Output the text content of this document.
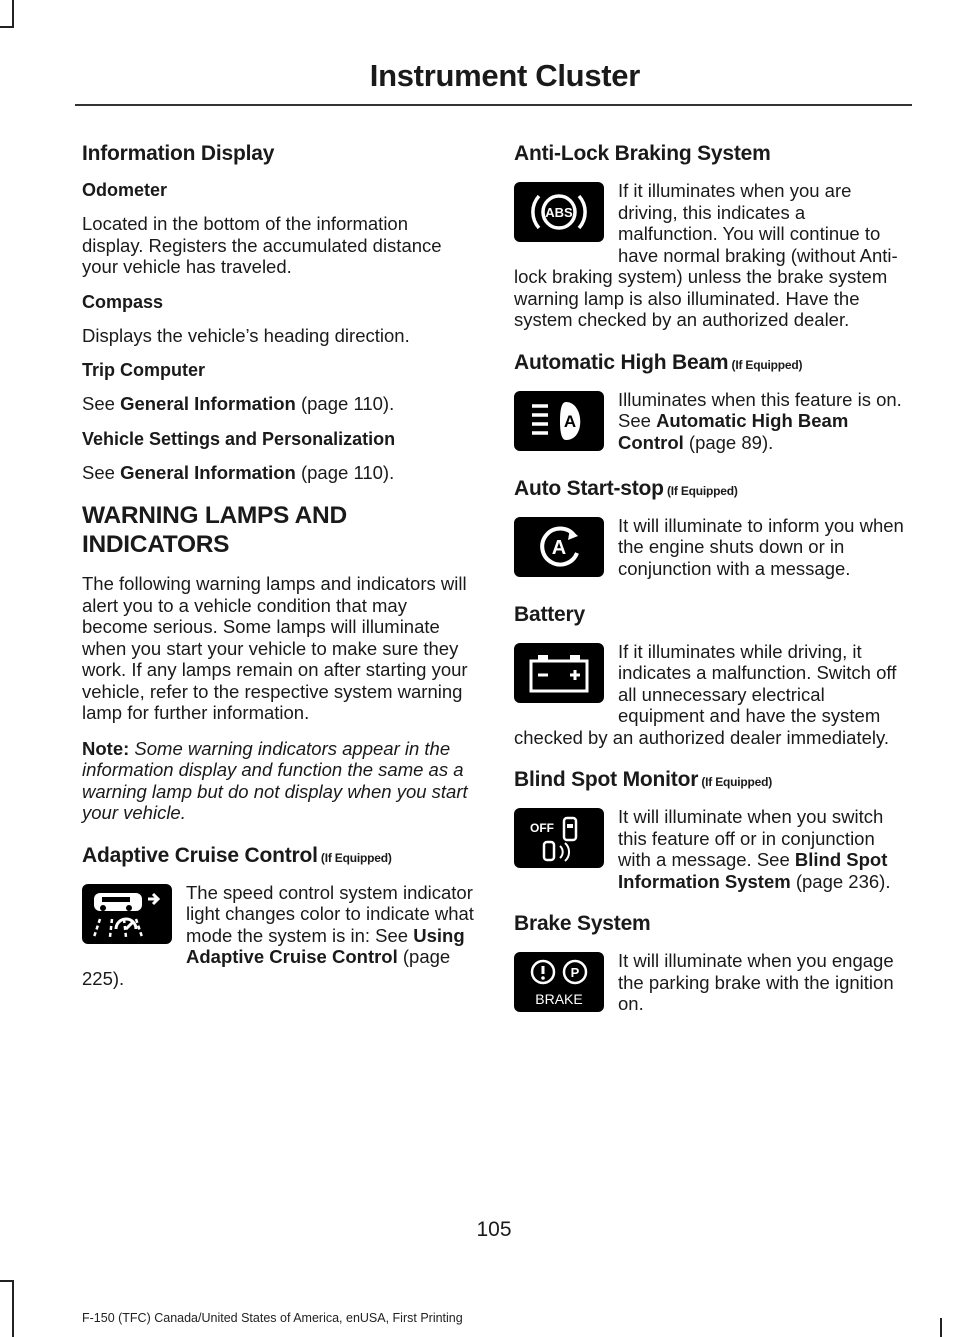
Instrument Cluster
Information Display
Odometer

Located in the bottom of the information display. Registers the accumulated distance your vehicle has traveled.

Compass

Displays the vehicle’s heading direction.

Trip Computer

See General Information (page 110).

Vehicle Settings and Personalization

See General Information (page 110).

WARNING LAMPS AND
INDICATORS

The following warning lamps and indicators will alert you to a vehicle condition that may become serious. Some lamps will illuminate when you start your vehicle to make sure they work. If any lamps remain on after starting your vehicle, refer to the respective system warning lamp for further information.

Note: Some warning indicators appear in the information display and function the same as a warning lamp but do not display when you start your vehicle.

Adaptive Cruise Control (If Equipped)

The speed control system indicator light changes color to indicate what mode the system is in: See Using Adaptive Cruise Control (page 225).

Anti-Lock Braking System
ABS

If it illuminates when you are driving, this indicates a malfunction. You will continue to have normal braking (without Anti-lock braking system) unless the brake system warning lamp is also illuminated. Have the system checked by an authorized dealer.

Automatic High Beam (If Equipped)
A

Illuminates when this feature is on. See Automatic High Beam Control (page 89).

Auto Start-stop (If Equipped)
A

It will illuminate to inform you when the engine shuts down or in conjunction with a message.

Battery

If it illuminates while driving, it indicates a malfunction. Switch off all unnecessary electrical equipment and have the system checked by an authorized dealer immediately.

Blind Spot Monitor (If Equipped)
OFF

It will illuminate when you switch this feature off or in conjunction with a message. See Blind Spot Information System (page 236).

Brake System
P
BRAKE

It will illuminate when you engage the parking brake with the ignition on.

105
F-150 (TFC) Canada/United States of America, enUSA, First Printing
